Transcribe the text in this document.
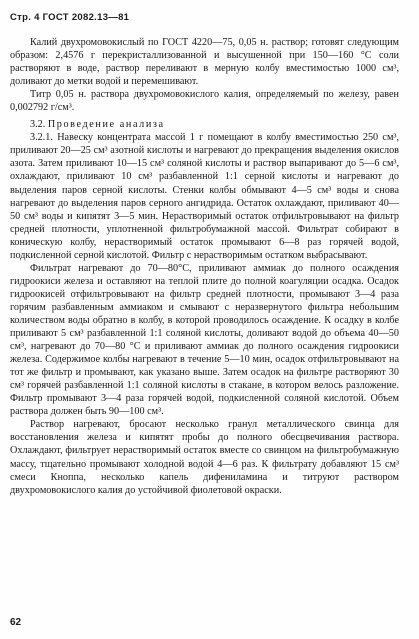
Стр. 4 ГОСТ 2082.13—81

Калий двухромовокислый по ГОСТ 4220—75, 0,05 н. раствор; готовят следующим образом: 2,4576 г перекристаллизованной и высушенной при 150—160 °С соли растворяют в воде, раствор переливают в мерную колбу вместимостью 1000 см³, доливают до метки водой и перемешивают.

Титр 0,05 н. раствора двухромовокислого калия, определяемый по железу, равен 0,002792 г/см³.

3.2. Проведение анализа

3.2.1. Навеску концентрата массой 1 г помещают в колбу вместимостью 250 см³, приливают 20—25 см³ азотной кислоты и нагревают до прекращения выделения окислов азота. Затем приливают 10—15 см³ соляной кислоты и раствор выпаривают до 5—6 см³, охлаждают, приливают 10 см³ разбавленной 1:1 серной кислоты и нагревают до выделения паров серной кислоты. Стенки колбы обмывают 4—5 см³ воды и снова нагревают до выделения паров серного ангидрида. Остаток охлаждают, приливают 40—50 см³ воды и кипятят 3—5 мин. Нерастворимый остаток отфильтровывают на фильтр средней плотности, уплотненной фильтробумажной массой. Фильтрат собирают в коническую колбу, нерастворимый остаток промывают 6—8 раз горячей водой, подкисленной серной кислотой. Фильтр с нерастворимым остатком выбрасывают.

Фильтрат нагревают до 70—80°С, приливают аммиак до полного осаждения гидроокиси железа и оставляют на теплой плите до полной коагуляции осадка. Осадок гидроокисей отфильтровывают на фильтр средней плотности, промывают 3—4 раза горячим разбавленным аммиаком и смывают с неразвернутого фильтра небольшим количеством воды обратно в колбу, в которой проводилось осаждение. К осадку в колбе приливают 5 см³ разбавленной 1:1 соляной кислоты, доливают водой до объема 40—50 см³, нагревают до 70—80 °С и приливают аммиак до полного осаждения гидроокиси железа. Содержимое колбы нагревают в течение 5—10 мин, осадок отфильтровывают на тот же фильтр и промывают, как указано выше. Затем осадок на фильтре растворяют 30 см³ горячей разбавленной 1:1 соляной кислоты в стакане, в котором велось разложение. Фильтр промывают 3—4 раза горячей водой, подкисленной соляной кислотой. Объем раствора должен быть 90—100 см³.

Раствор нагревают, бросают несколько гранул металлического свинца для восстановления железа и кипятят пробы до полного обесцвечивания раствора. Охлаждают, фильтрует нерастворимый остаток вместе со свинцом на фильтробумажную массу, тщательно промывают холодной водой 4—6 раз. К фильтрату добавляют 15 см³ смеси Кноппа, несколько капель дифениламина и титруют раствором двухромовокислого калия до устойчивой фиолетовой окраски.

62
